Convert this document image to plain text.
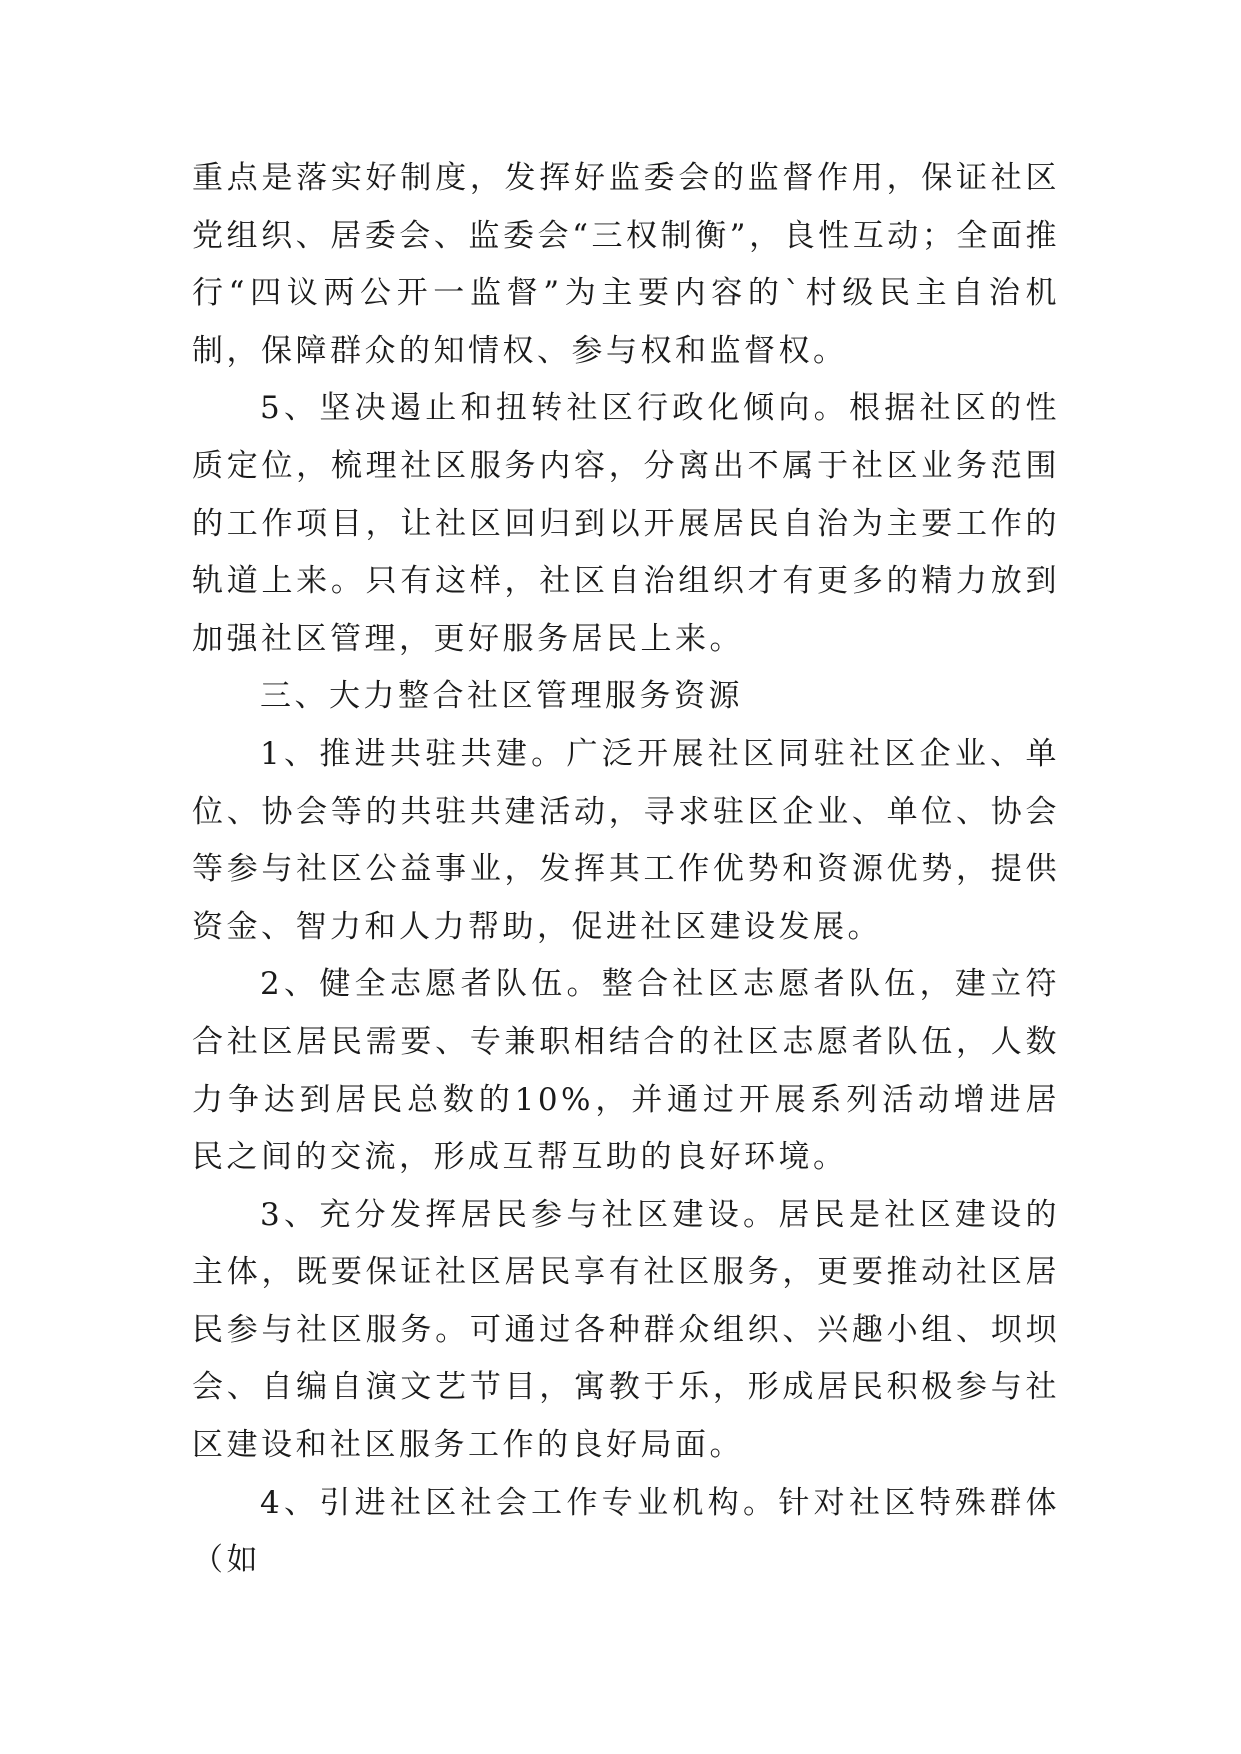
重点是落实好制度，发挥好监委会的监督作用，保证社区党组织、居委会、监委会“三权制衡”，良性互动；全面推行“四议两公开一监督”为主要内容的`村级民主自治机制，保障群众的知情权、参与权和监督权。

5、坚决遏止和扭转社区行政化倾向。根据社区的性质定位，梳理社区服务内容，分离出不属于社区业务范围的工作项目，让社区回归到以开展居民自治为主要工作的轨道上来。只有这样，社区自治组织才有更多的精力放到加强社区管理，更好服务居民上来。

三、大力整合社区管理服务资源

1、推进共驻共建。广泛开展社区同驻社区企业、单位、协会等的共驻共建活动，寻求驻区企业、单位、协会等参与社区公益事业，发挥其工作优势和资源优势，提供资金、智力和人力帮助，促进社区建设发展。

2、健全志愿者队伍。整合社区志愿者队伍，建立符合社区居民需要、专兼职相结合的社区志愿者队伍，人数力争达到居民总数的10%，并通过开展系列活动增进居民之间的交流，形成互帮互助的良好环境。

3、充分发挥居民参与社区建设。居民是社区建设的主体，既要保证社区居民享有社区服务，更要推动社区居民参与社区服务。可通过各种群众组织、兴趣小组、坝坝会、自编自演文艺节目，寓教于乐，形成居民积极参与社区建设和社区服务工作的良好局面。

4、引进社区社会工作专业机构。针对社区特殊群体（如
